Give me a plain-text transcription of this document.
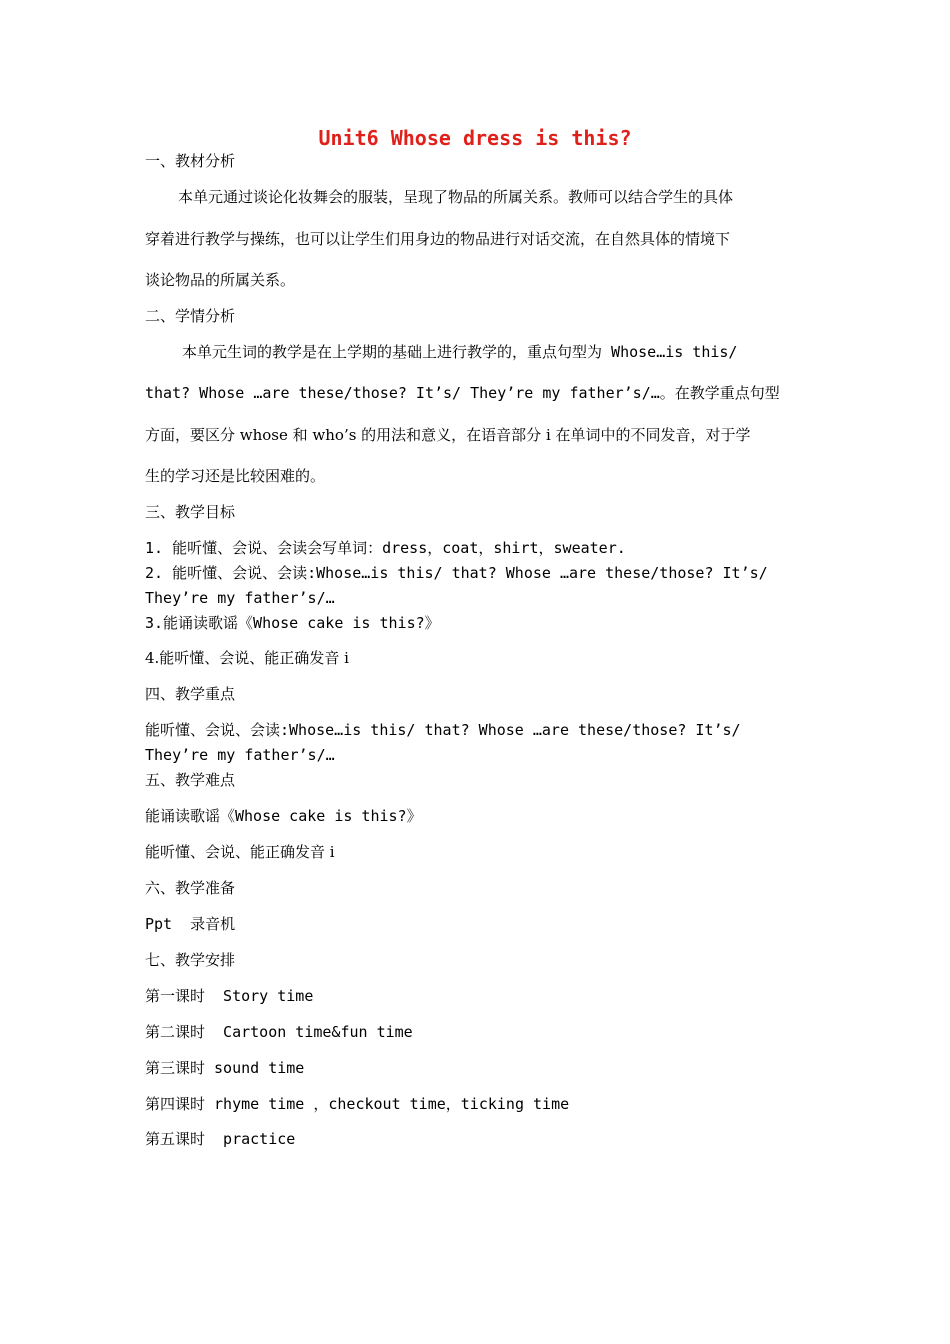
Unit6 Whose dress is this?
一、教材分析
本单元通过谈论化妆舞会的服装，呈现了物品的所属关系。教师可以结合学生的具体
穿着进行教学与操练，也可以让学生们用身边的物品进行对话交流，在自然具体的情境下
谈论物品的所属关系。
二、学情分析
本单元生词的教学是在上学期的基础上进行教学的，重点句型为 Whose…is this/
that? Whose …are these/those? It’s/ They’re my father’s/…。在教学重点句型
方面，要区分 whose 和 who’s 的用法和意义，在语音部分 i 在单词中的不同发音，对于学
生的学习还是比较困难的。
三、教学目标
1. 能听懂、会说、会读会写单词：dress，coat，shirt，sweater.
2. 能听懂、会说、会读:Whose…is this/ that? Whose …are these/those? It’s/
They’re my father’s/…
3.能诵读歌谣《Whose cake is this?》
4.能听懂、会说、能正确发音 i
四、教学重点
能听懂、会说、会读:Whose…is this/ that? Whose …are these/those? It’s/
They’re my father’s/…
五、教学难点
能诵读歌谣《Whose cake is this?》
能听懂、会说、能正确发音 i
六、教学准备
Ppt  录音机
七、教学安排
第一课时  Story time
第二课时  Cartoon time&fun time
第三课时 sound time
第四课时 rhyme time ，checkout time，ticking time
第五课时  practice
